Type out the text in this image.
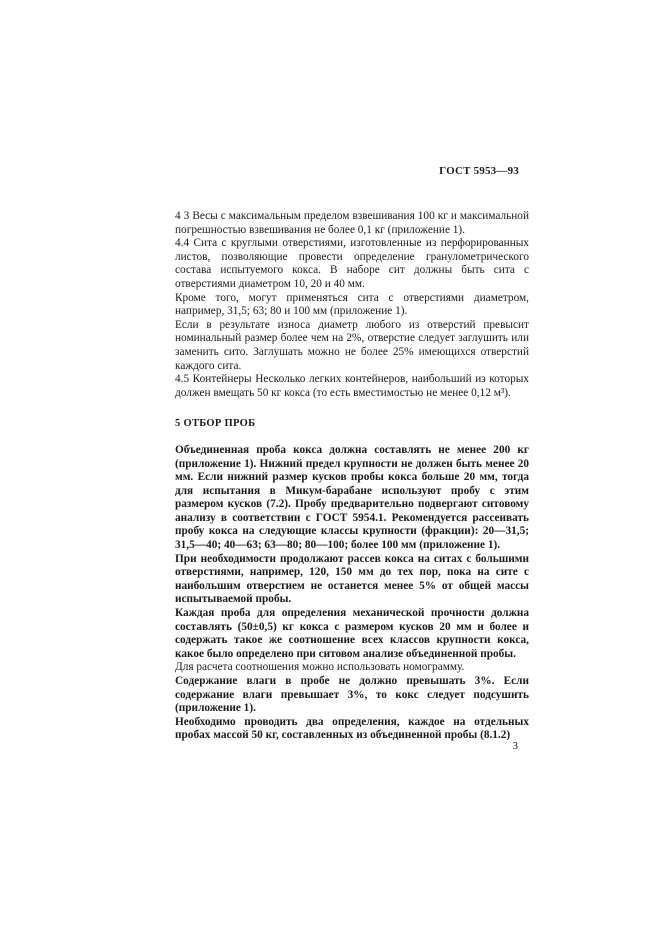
ГОСТ 5953—93

4 3 Весы с максимальным пределом взвешивания 100 кг и максимальной погрешностью взвешивания не более 0,1 кг (приложение 1).

4.4 Сита с круглыми отверстиями, изготовленные из перфорированных листов, позволяющие провести определение гранулометрического состава испытуемого кокса. В наборе сит должны быть сита с отверстиями диаметром 10, 20 и 40 мм.

Кроме того, могут применяться сита с отверстиями диаметром, например, 31,5; 63; 80 и 100 мм (приложение 1).

Если в результате износа диаметр любого из отверстий превысит номинальный размер более чем на 2%, отверстие следует заглушить или заменить сито. Заглушать можно не более 25% имеющихся отверстий каждого сита.

4.5 Контейнеры Несколько легких контейнеров, наибольший из которых должен вмещать 50 кг кокса (то есть вместимостью не менее 0,12 м³).

5 ОТБОР ПРОБ

Объединенная проба кокса должна составлять не менее 200 кг (приложение 1). Нижний предел крупности не должен быть менее 20 мм. Если нижний размер кусков пробы кокса больше 20 мм, тогда для испытания в Микум-барабане используют пробу с этим размером кусков (7.2). Пробу предварительно подвергают ситовому анализу в соответствии с ГОСТ 5954.1. Рекомендуется рассеивать пробу кокса на следующие классы крупности (фракции): 20—31,5; 31,5—40; 40—63; 63—80; 80—100; более 100 мм (приложение 1).

При необходимости продолжают рассев кокса на ситах с большими отверстиями, например, 120, 150 мм до тех пор, пока на сите с наибольшим отверстием не останется менее 5% от общей массы испытываемой пробы.

Каждая проба для определения механической прочности должна составлять (50±0,5) кг кокса с размером кусков 20 мм и более и содержать такое же соотношение всех классов крупности кокса, какое было определено при ситовом анализе объединенной пробы.

Для расчета соотношения можно использовать номограмму.

Содержание влаги в пробе не должно превышать 3%. Если содержание влаги превышает 3%, то кокс следует подсушить (приложение 1).

Необходимо проводить два определения, каждое на отдельных пробах массой 50 кг, составленных из объединенной пробы (8.1.2)

3
